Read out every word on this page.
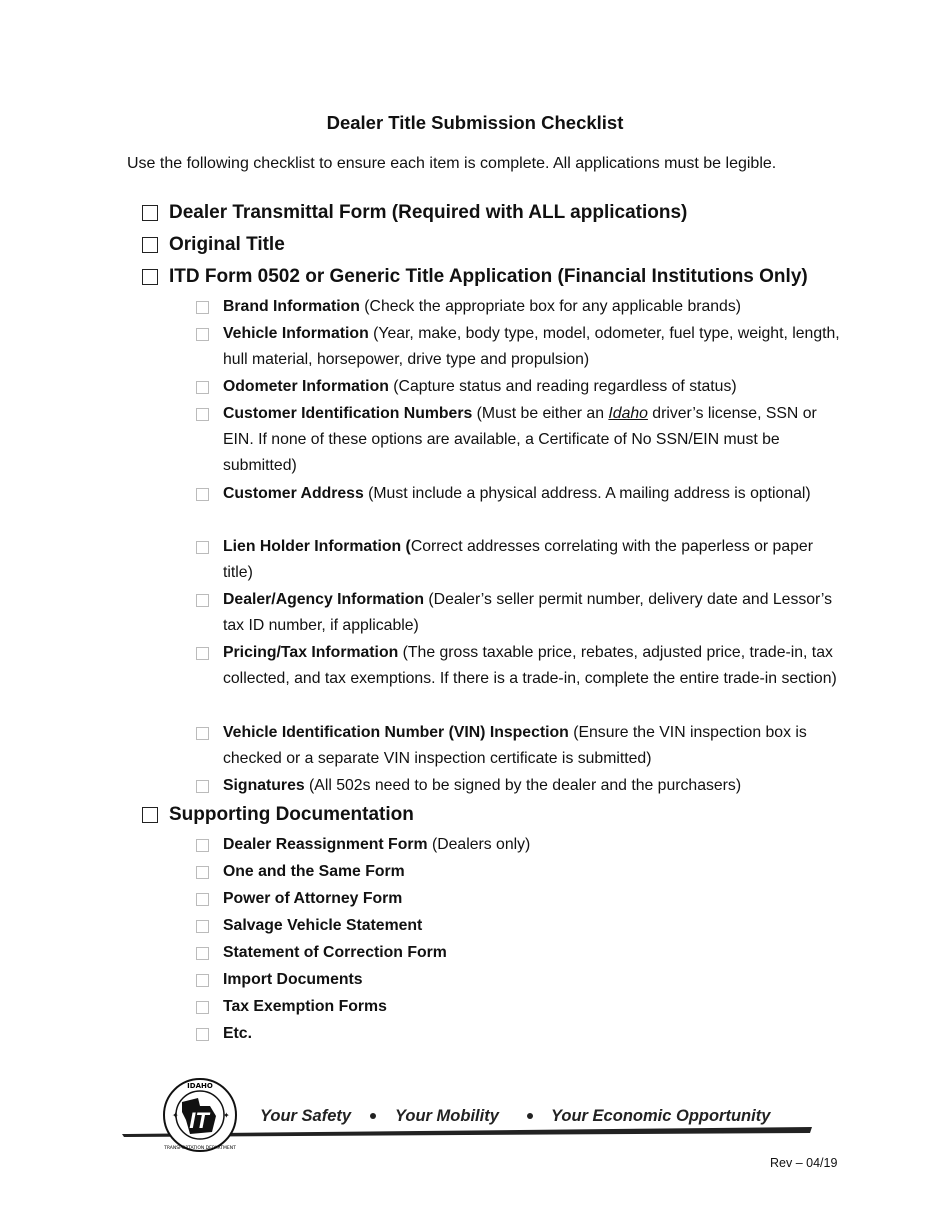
Dealer Title Submission Checklist
Use the following checklist to ensure each item is complete. All applications must be legible.
Dealer Transmittal Form (Required with ALL applications)
Original Title
ITD Form 0502 or Generic Title Application (Financial Institutions Only)
Brand Information (Check the appropriate box for any applicable brands)
Vehicle Information (Year, make, body type, model, odometer, fuel type, weight, length, hull material, horsepower, drive type and propulsion)
Odometer Information (Capture status and reading regardless of status)
Customer Identification Numbers (Must be either an Idaho driver’s license, SSN or EIN. If none of these options are available, a Certificate of No SSN/EIN must be submitted)
Customer Address (Must include a physical address. A mailing address is optional)
Lien Holder Information (Correct addresses correlating with the paperless or paper title)
Dealer/Agency Information (Dealer’s seller permit number, delivery date and Lessor’s tax ID number, if applicable)
Pricing/Tax Information (The gross taxable price, rebates, adjusted price, trade-in, tax collected, and tax exemptions. If there is a trade-in, complete the entire trade-in section)
Vehicle Identification Number (VIN) Inspection (Ensure the VIN inspection box is checked or a separate VIN inspection certificate is submitted)
Signatures (All 502s need to be signed by the dealer and the purchasers)
Supporting Documentation
Dealer Reassignment Form (Dealers only)
One and the Same Form
Power of Attorney Form
Salvage Vehicle Statement
Statement of Correction Form
Import Documents
Tax Exemption Forms
Etc.
IDAHO
TRANSPORTATION DEPARTMENT
IT
✦	✦ Your Safety	Your Mobility	Your Economic Opportunity
Rev – 04/19
